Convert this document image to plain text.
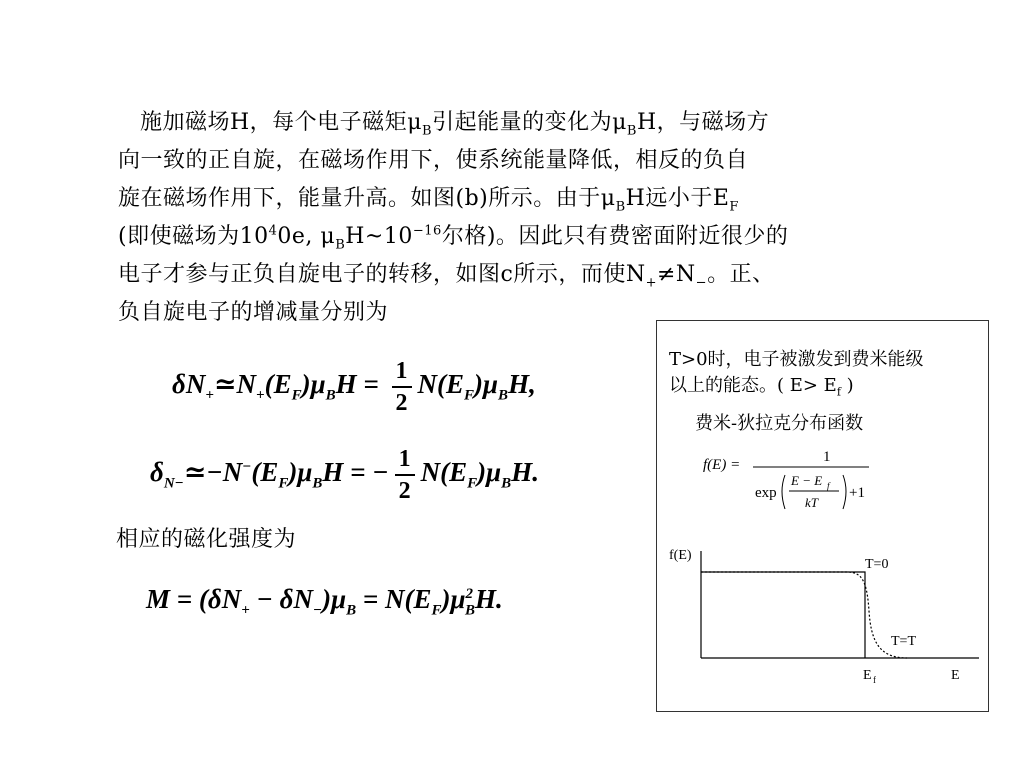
施加磁场H，每个电子磁矩$\mu_B$引起能量的变化为$\mu_BH$，与磁场方
向一致的正自旋，在磁场作用下，使系统能量降低，相反的负自
旋在磁场作用下，能量升高。如图(b)所示。由于$\mu_BH$远小于$E_F$
(即使磁场为$10^40e$, $\mu_BH\sim 10^{-16}$尔格)。因此只有费密面附近很少的
电子才参与正负自旋电子的转移，如图c所示，而使$N_+\ne N_-$。正、
负自旋电子的增减量分别为
$\delta N_+≃N_+(E_F)\mu_BH = \frac{1}{2} N(E_F)\mu_BH$,
$\delta_{N-}≃-N^-(E_F)\mu_BH$ = − $\frac{1}{2} N(E_F)\mu_BH$.
相应的磁化强度为
$M = (\delta N_+ - \delta N_-)\mu_B = N(E_F)\mu^2_BH$.
T>0时，电子被激发到费米能级
以上的能态。( $E> E_f$ )
费米-狄拉克分布函数
f(E) =	1
exp
E − E f
kT
+1
f(E)
T=0
T=T
E f	E
